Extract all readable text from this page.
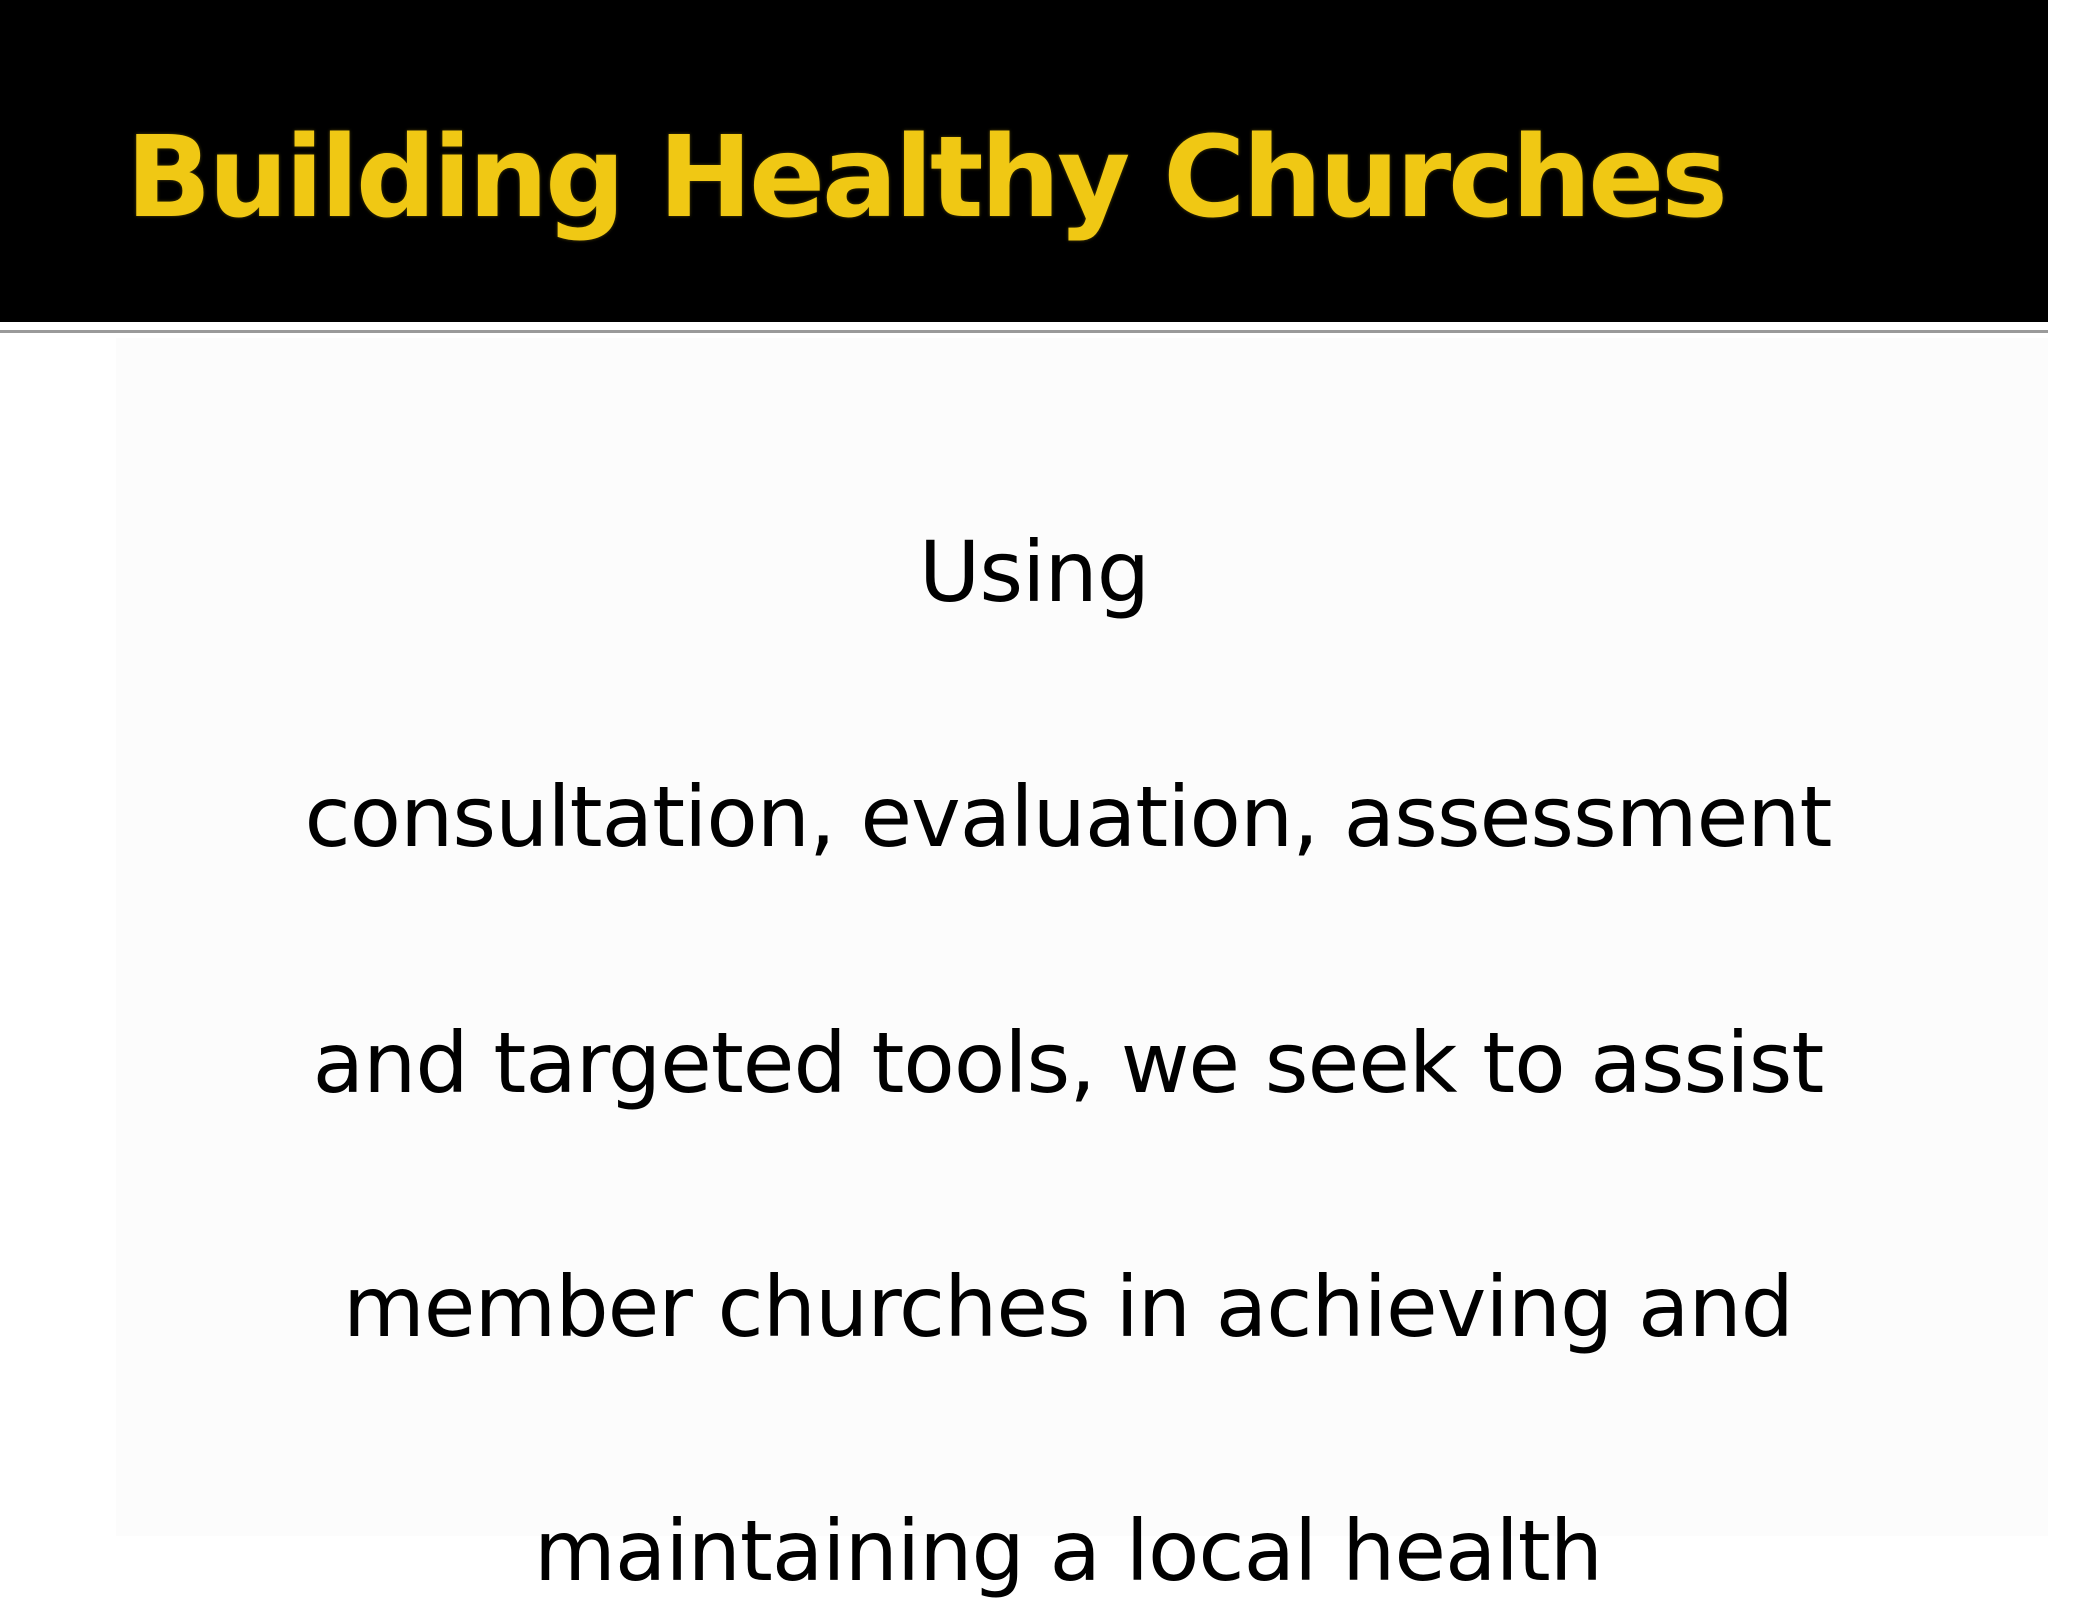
Building Healthy Churches

Using

consultation, evaluation, assessment

and targeted tools, we seek to assist

member churches in achieving and

maintaining a local health
